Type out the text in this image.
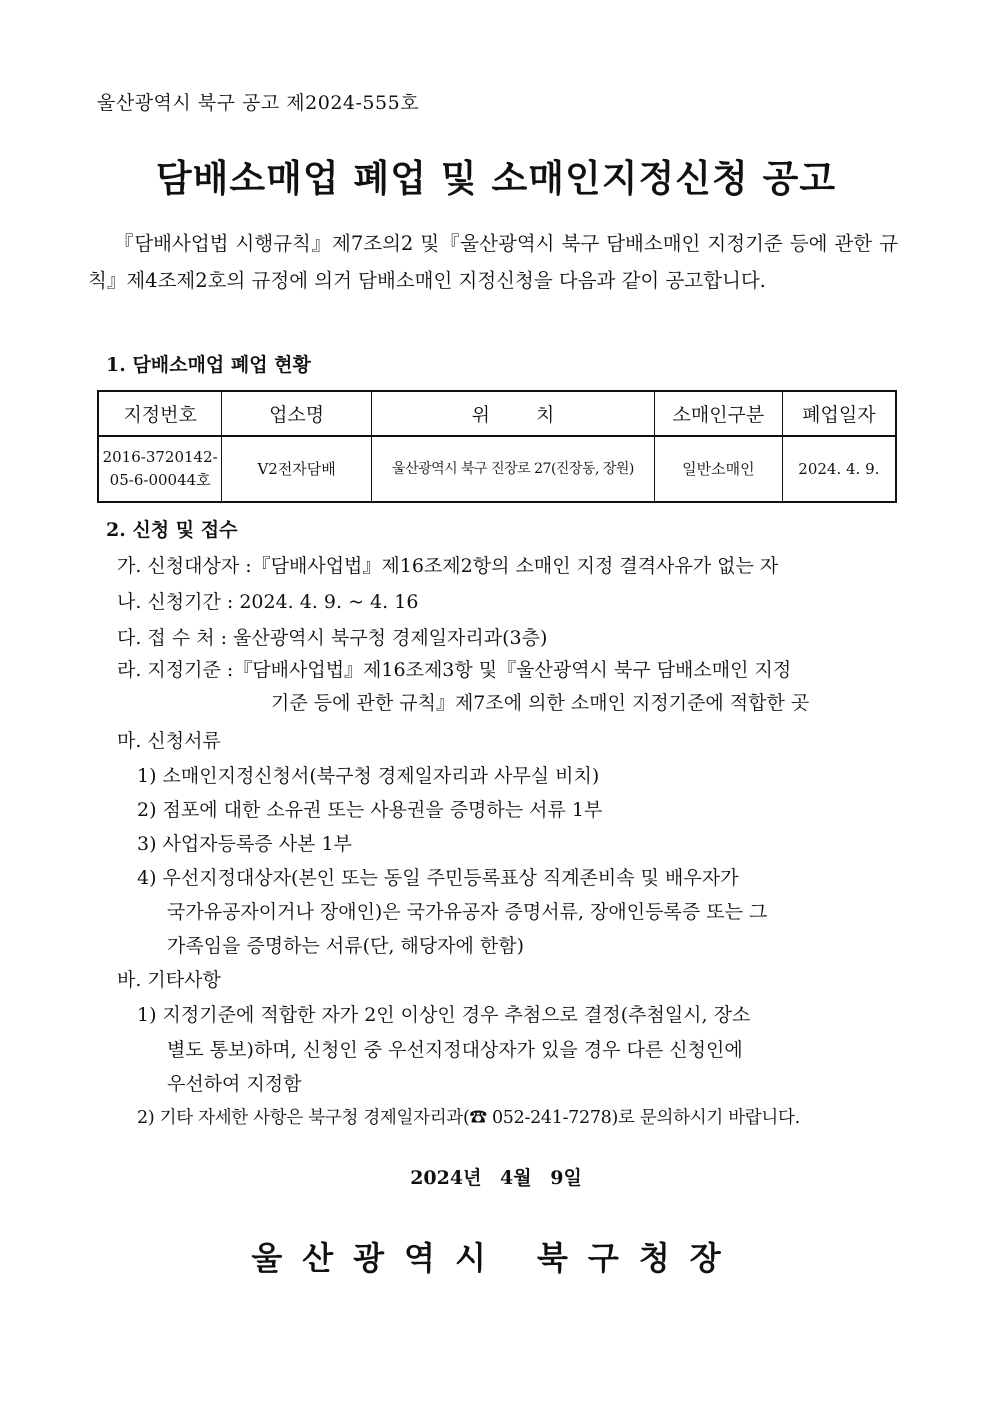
울산광역시 북구 공고 제2024-555호
담배소매업 폐업 및 소매인지정신청 공고

『담배사업법 시행규칙』제7조의2 및『울산광역시 북구 담배소매인 지정기준 등에 관한 규칙』제4조제2호의 규정에 의거 담배소매인 지정신청을 다음과 같이 공고합니다.

1. 담배소매업 폐업 현황
지정번호	업소명	위 치	소매인구분	폐업일자

2016-3720142-
05-6-00044호	V2전자담배	울산광역시 북구 진장로 27(진장동, 장원)	일반소매인	2024. 4. 9.
2. 신청 및 접수
가. 신청대상자 :『담배사업법』제16조제2항의 소매인 지정 결격사유가 없는 자
나. 신청기간 : 2024. 4. 9. ~ 4. 16
다. 접 수 처 : 울산광역시 북구청 경제일자리과(3층)
라. 지정기준 :『담배사업법』제16조제3항 및『울산광역시 북구 담배소매인 지정
기준 등에 관한 규칙』제7조에 의한 소매인 지정기준에 적합한 곳
마. 신청서류
1) 소매인지정신청서(북구청 경제일자리과 사무실 비치)
2) 점포에 대한 소유권 또는 사용권을 증명하는 서류 1부
3) 사업자등록증 사본 1부
4) 우선지정대상자(본인 또는 동일 주민등록표상 직계존비속 및 배우자가
국가유공자이거나 장애인)은 국가유공자 증명서류, 장애인등록증 또는 그
가족임을 증명하는 서류(단, 해당자에 한함)
바. 기타사항
1) 지정기준에 적합한 자가 2인 이상인 경우 추첨으로 결정(추첨일시, 장소
별도 통보)하며, 신청인 중 우선지정대상자가 있을 경우 다른 신청인에
우선하여 지정함
2) 기타 자세한 사항은 북구청 경제일자리과(☎ 052-241-7278)로 문의하시기 바랍니다.
2024년 4월 9일
울산광역시 북구청장
